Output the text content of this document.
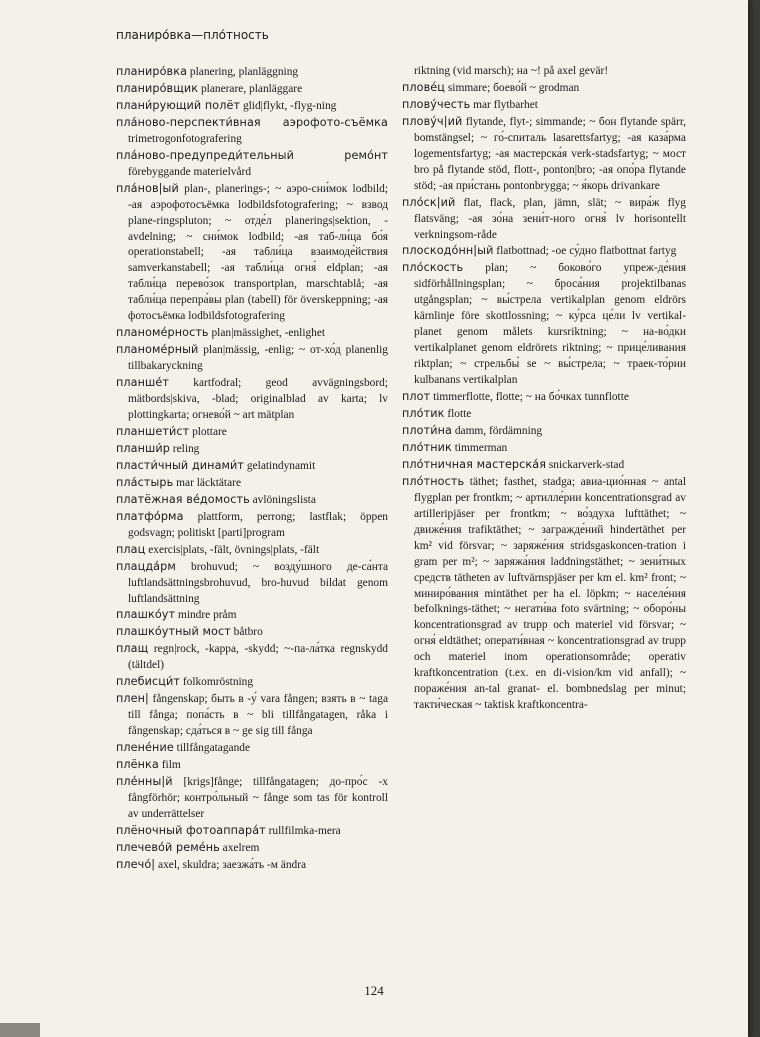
планиро́вка—пло́тность

планиро́вка planering, planläggning

планиро́вщик planerare, planläggare

плани́рующий полёт glid|flykt, -flyg-ning

пла́ново-перспекти́вная аэрофото-съёмка trimetrogonfotografering

пла́ново-предупреди́тельный ремо́нт förebyggande materielvård

пла́нов|ый plan-, planerings-; ~ аэро-сни́мок lodbild; -ая аэрофотосъёмка lodbildsfotografering; ~ взвод plane-ringspluton; ~ отде́л planerings|sektion, -avdelning; ~ сни́мок lodbild; -ая таб-ли́ца бо́я operationstabell; -ая табли́ца взаимоде́йствия samverkanstabell; -ая табли́ца огня́ eldplan; -ая табли́ца перево́зок transportplan, marschtablå; -ая табли́ца перепра́вы plan (tabell) för överskeppning; -ая фотосъёмка lodbildsfotografering

планоме́рность plan|mässighet, -enlighet

планоме́рный plan|mässig, -enlig; ~ от-хо́д planenlig tillbakaryckning

планше́т kartfodral; geod avvägningsbord; mätbords|skiva, -blad; originalblad av karta; lv plottingkarta; огнево́й ~ art mätplan

планшети́ст plottare

планши́р reling

пласти́чный динами́т gelatindynamit

пла́стырь mar läcktätare

платёжная ве́домость avlöningslista

платфо́рма plattform, perrong; lastflak; öppen godsvagn; politiskt [parti]program

плац exercis|plats, -fält, övnings|plats, -fält

плацда́рм brohuvud; ~ возду́шного де-са́нта luftlandsättningsbrohuvud, bro-huvud bildat genom luftlandsättning

плашко́ут mindre pråm

плашко́утный мост båtbro

плащ regn|rock, -kappa, -skydd; ~-па-ла́тка regnskydd (tältdel)

плебисци́т folkomröstning

плен| fångenskap; быть в -у́ vara fången; взять в ~ taga till fånga; попа́сть в ~ bli tillfångatagen, råka i fångenskap; сда́ться в ~ ge sig till fånga

плене́ние tillfångatagande

плёнка film

пле́нны|й [krigs]fånge; tillfångatagen; до-про́с -х fångförhör; контро́льный ~ fånge som tas för kontroll av underrättelser

плёночный фотоаппара́т rullfilmka-mera

плечево́й реме́нь axelrem

плечо́| axel, skuldra; заезжа́ть -м ändra

riktning (vid marsch); на ~! på axel gevär!

пловéц simmare; боево́й ~ grodman

плову́честь mar flytbarhet

плову́ч|ий flytande, flyt-; simmande; ~ бон flytande spärr, bomstängsel; ~ го́-спиталь lasarettsfartyg; -ая каза́рма logementsfartyg; -ая мастерска́я verk-stadsfartyg; ~ мост bro på flytande stöd, flott-, ponton|bro; -ая опо́ра flytande stöd; -ая при́стань pontonbrygga; ~ я́корь drivankare

пло́ск|ий flat, flack, plan, jämn, slät; ~ вира́ж flyg flatsväng; -ая зо́на зени́т-ного огня́ lv horisontellt verkningsom-råde

плоскодо́нн|ый flatbottnad; -ое су́дно flatbottnat fartyg

пло́скость plan; ~ боково́го упреж-де́ния sidförhållningsplan; ~ броса́ния projektilbanas utgångsplan; ~ вы́стрела vertikalplan genom eldrörs kärnlinje före skottlossning; ~ ку́рса це́ли lv vertikal-planet genom målets kursriktning; ~ на-во́дки vertikalplanet genom eldrörets riktning; ~ прице́ливания riktplan; ~ стрельбы́ se ~ вы́стрела; ~ траек-то́рии kulbanans vertikalplan

плот timmerflotte, flotte; ~ на бо́чках tunnflotte

пло́тик flotte

плоти́на damm, fördämning

пло́тник timmerman

пло́тничная мастерска́я snickarverk-stad

пло́тность täthet; fasthet, stadga; авиа-цио́нная ~ antal flygplan per frontkm; ~ артилле́рии koncentrationsgrad av artilleripjäser per frontkm; ~ во́здуха lufttäthet; ~ движе́ния trafiktäthet; ~ загражде́ний hindertäthet per km² vid försvar; ~ заряже́ния stridsgaskoncen-tration i gram per m²; ~ заряжа́ния laddningstäthet; ~ зени́тных средств tätheten av luftvärnspjäser per km el. km² front; ~ миниро́вания mintäthet per ha el. löpkm; ~ населе́ния befolknings-täthet; ~ негати́ва foto svärtning; ~ оборо́ны koncentrationsgrad av trupp och materiel vid försvar; ~ огня́ eldtäthet; операти́вная ~ koncentrationsgrad av trupp och materiel inom operationsområde; operativ kraftkoncentration (t.ex. en di-vision/km vid anfall); ~ пораже́ния an-tal granat- el. bombnedslag per minut; такти́ческая ~ taktisk kraftkoncentra-

124
